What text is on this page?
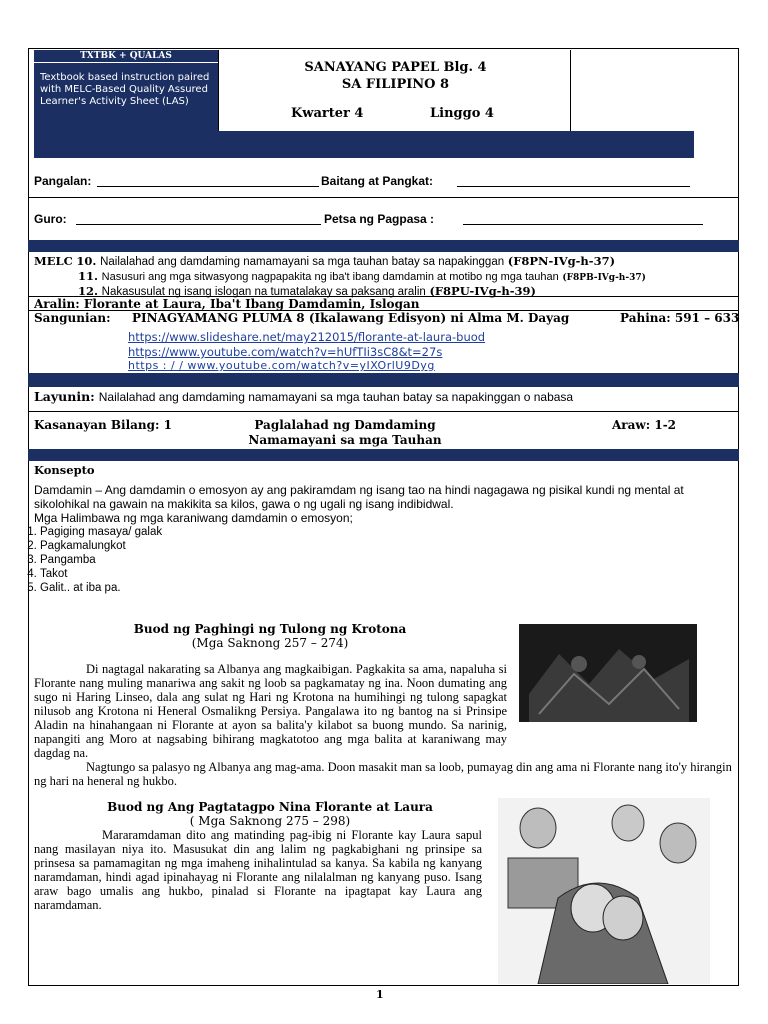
TXTBK + QUALAS
Textbook based instruction paired with MELC-Based Quality Assured Learner's Activity Sheet (LAS)
SANAYANG PAPEL Blg. 4
SA FILIPINO 8
Kwarter 4	Linggo 4
Pangalan:	Baitang at Pangkat:
Guro:	Petsa ng Pagpasa :
MELC 10. Nailalahad ang damdaming namamayani sa mga tauhan batay sa napakinggan (F8PN-IVg-h-37)
11. Nasusuri ang mga sitwasyong nagpapakita ng iba't ibang damdamin at motibo ng mga tauhan (F8PB-IVg-h-37)
12. Nakasusulat ng isang islogan na tumatalakay sa paksang aralin (F8PU-IVg-h-39)
Aralin: Florante at Laura, Iba't Ibang Damdamin, Islogan
Sangunian: PINAGYAMANG PLUMA 8 (Ikalawang Edisyon) ni Alma M. Dayag	Pahina: 591 – 633
https://www.slideshare.net/may212015/florante-at-laura-buod
https://www.youtube.com/watch?v=hUfTIi3sC8&t=27s
https : / / www.youtube.com/watch?v=yIXOrlU9Dyg
Layunin: Nailalahad ang damdaming namamayani sa mga tauhan batay sa napakinggan o nabasa
Kasanayan Bilang: 1	Paglalahad ng Damdaming
Namamayani sa mga Tauhan
Araw: 1-2
Konsepto
Damdamin – Ang damdamin o emosyon ay ang pakiramdam ng isang tao na hindi nagagawa ng pisikal kundi ng mental at sikolohikal na gawain na makikita sa kilos, gawa o ng ugali ng isang indibidwal.
Mga Halimbawa ng mga karaniwang damdamin o emosyon;
1. Pagiging masaya/ galak
2. Pagkamalungkot
3. Pangamba
4. Takot
5. Galit.. at iba pa.
Buod ng Paghingi ng Tulong ng Krotona
(Mga Saknong 257 – 274)
Di nagtagal nakarating sa Albanya ang magkaibigan. Pagkakita sa ama, napaluha si Florante nang muling manariwa ang sakit ng loob sa pagkamatay ng ina. Noon dumating ang sugo ni Haring Linseo, dala ang sulat ng Hari ng Krotona na humihingi ng tulong sapagkat nilusob ang Krotona ni Heneral Osmalikng Persiya. Pangalawa ito ng bantog na si Prinsipe Aladin na hinahangaan ni Florante at ayon sa balita'y kilabot sa buong mundo. Sa narinig, napangiti ang Moro at nagsabing bihirang magkatotoo ang mga balita at karaniwang may dagdag na.
Nagtungo sa palasyo ng Albanya ang mag-ama. Doon masakit man sa loob, pumayag din ang ama ni Florante nang ito'y hirangin ng hari na heneral ng hukbo.
Buod ng Ang Pagtatagpo Nina Florante at Laura
( Mga Saknong 275 – 298)
Mararamdaman dito ang matinding pag-ibig ni Florante kay Laura sapul nang masilayan niya ito. Masusukat din ang lalim ng pagkabighani ng prinsipe sa prinsesa sa pamamagitan ng mga imaheng inihalintulad sa kanya. Sa kabila ng kanyang naramdaman, hindi agad ipinahayag ni Florante ang nilalalman ng kanyang puso. Isang araw bago umalis ang hukbo, pinalad si Florante na ipagtapat kay Laura ang naramdaman.
1
